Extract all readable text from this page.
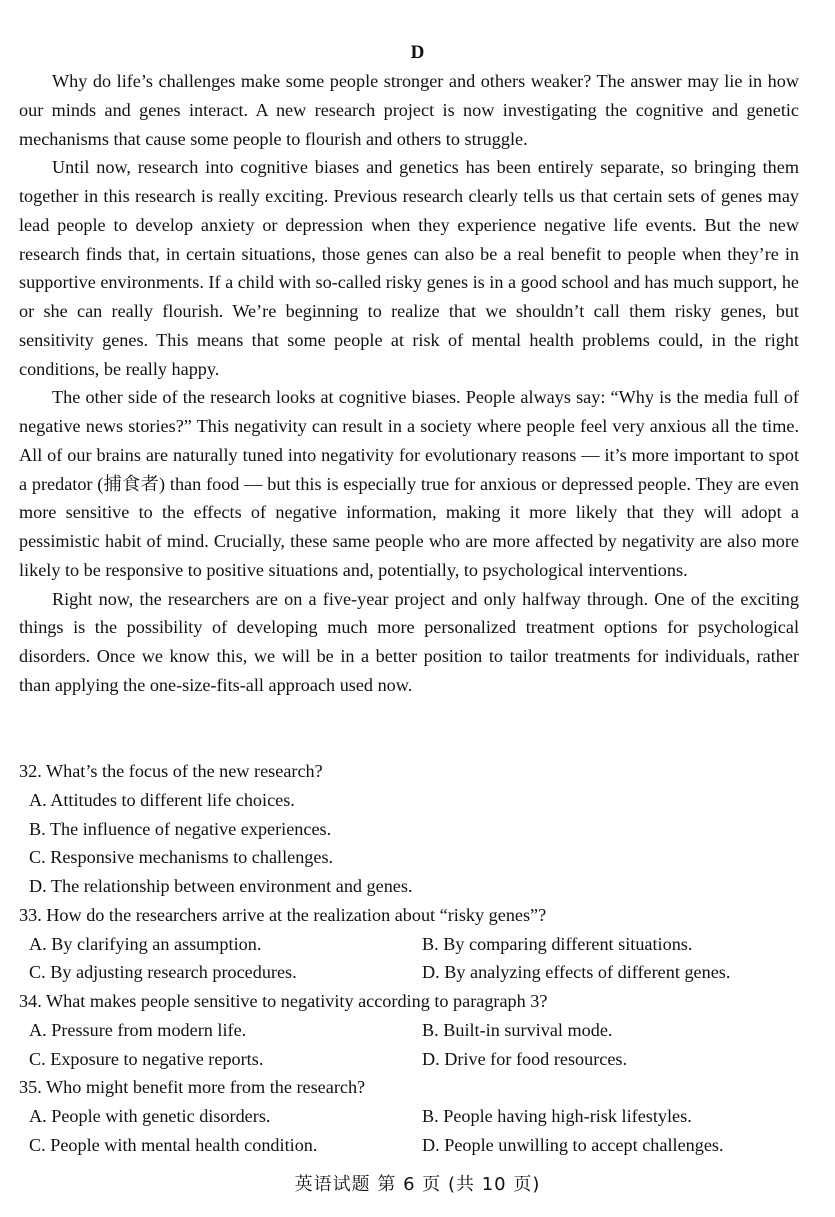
D

Why do life’s challenges make some people stronger and others weaker? The answer may lie in how our minds and genes interact. A new research project is now investigating the cognitive and genetic mechanisms that cause some people to flourish and others to struggle.

Until now, research into cognitive biases and genetics has been entirely separate, so bringing them together in this research is really exciting. Previous research clearly tells us that certain sets of genes may lead people to develop anxiety or depression when they experience negative life events. But the new research finds that, in certain situations, those genes can also be a real benefit to people when they’re in supportive environments. If a child with so-called risky genes is in a good school and has much support, he or she can really flourish. We’re beginning to realize that we shouldn’t call them risky genes, but sensitivity genes. This means that some people at risk of mental health problems could, in the right conditions, be really happy.

The other side of the research looks at cognitive biases. People always say: “Why is the media full of negative news stories?” This negativity can result in a society where people feel very anxious all the time. All of our brains are naturally tuned into negativity for evolutionary reasons — it’s more important to spot a predator (捕食者) than food — but this is especially true for anxious or depressed people. They are even more sensitive to the effects of negative information, making it more likely that they will adopt a pessimistic habit of mind. Crucially, these same people who are more affected by negativity are also more likely to be responsive to positive situations and, potentially, to psychological interventions.

Right now, the researchers are on a five-year project and only halfway through. One of the exciting things is the possibility of developing much more personalized treatment options for psychological disorders. Once we know this, we will be in a better position to tailor treatments for individuals, rather than applying the one-size-fits-all approach used now.

32. What’s the focus of the new research?

A. Attitudes to different life choices.
B. The influence of negative experiences.
C. Responsive mechanisms to challenges.
D. The relationship between environment and genes.

33. How do the researchers arrive at the realization about “risky genes”?

A. By clarifying an assumption.	B. By comparing different situations.
C. By adjusting research procedures.	D. By analyzing effects of different genes.

34. What makes people sensitive to negativity according to paragraph 3?

A. Pressure from modern life.	B. Built-in survival mode.
C. Exposure to negative reports.	D. Drive for food resources.

35. Who might benefit more from the research?

A. People with genetic disorders.	B. People having high-risk lifestyles.
C. People with mental health condition.	D. People unwilling to accept challenges.
英语试题 第 6 页 (共 10 页)
